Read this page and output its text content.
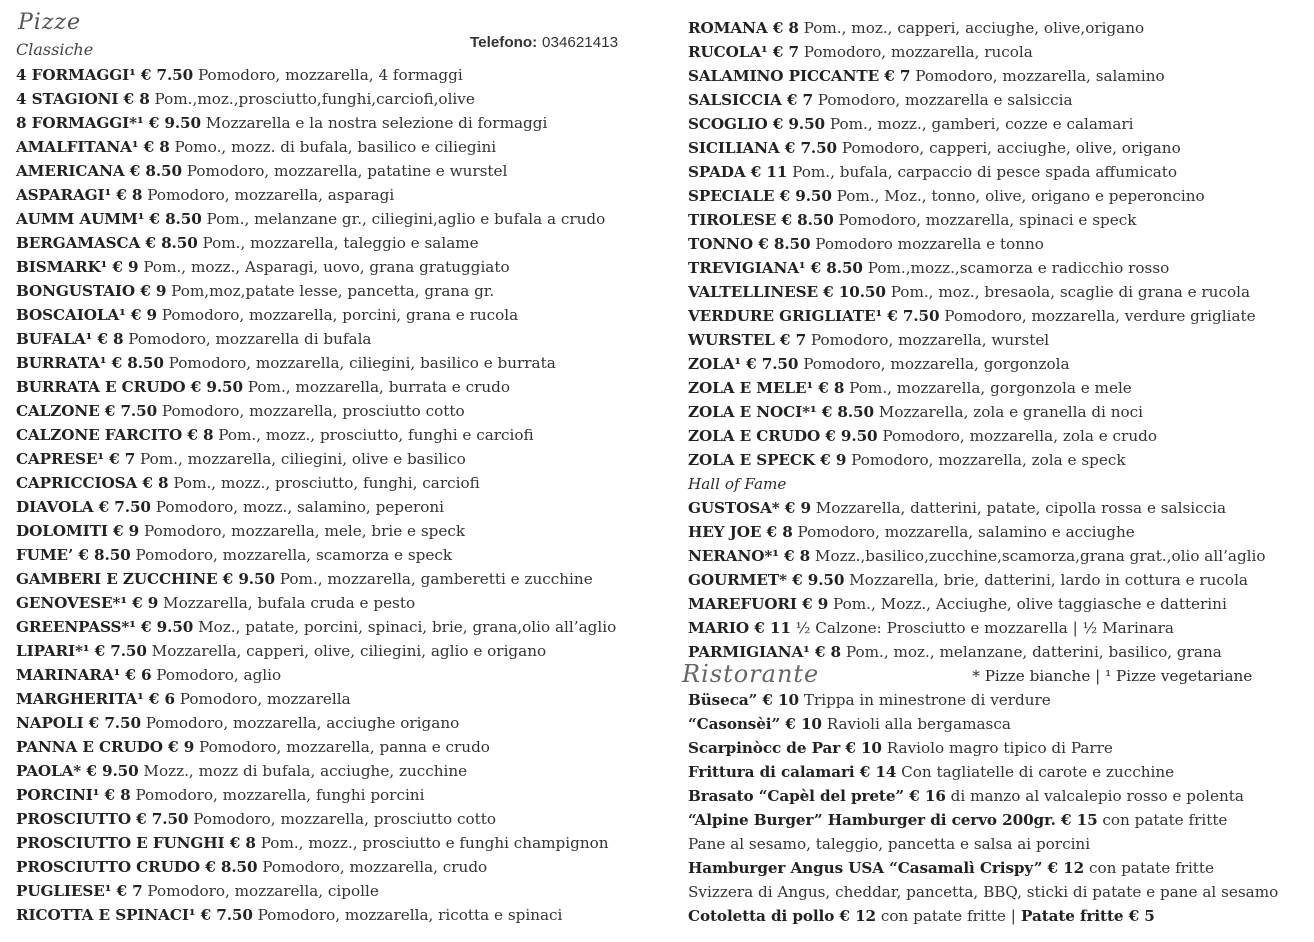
Pizze
Classiche	Telefono: 034621413
4 FORMAGGI¹ € 7.50 Pomodoro, mozzarella, 4 formaggi
4 STAGIONI € 8 Pom.,moz.,prosciutto,funghi,carciofi,olive
8 FORMAGGI*¹ € 9.50 Mozzarella e la nostra selezione di formaggi
AMALFITANA¹ € 8 Pomo., mozz. di bufala, basilico e ciliegini
AMERICANA € 8.50 Pomodoro, mozzarella, patatine e wurstel
ASPARAGI¹ € 8 Pomodoro, mozzarella, asparagi
AUMM AUMM¹ € 8.50 Pom., melanzane gr., ciliegini,aglio e bufala a crudo
BERGAMASCA € 8.50 Pom., mozzarella, taleggio e salame
BISMARK¹ € 9 Pom., mozz., Asparagi, uovo, grana gratuggiato
BONGUSTAIO € 9 Pom,moz,patate lesse, pancetta, grana gr.
BOSCAIOLA¹ € 9 Pomodoro, mozzarella, porcini, grana e rucola
BUFALA¹ € 8 Pomodoro, mozzarella di bufala
BURRATA¹ € 8.50 Pomodoro, mozzarella, ciliegini, basilico e burrata
BURRATA E CRUDO € 9.50 Pom., mozzarella, burrata e crudo
CALZONE € 7.50 Pomodoro, mozzarella, prosciutto cotto
CALZONE FARCITO € 8 Pom., mozz., prosciutto, funghi e carciofi
CAPRESE¹ € 7 Pom., mozzarella, ciliegini, olive e basilico
CAPRICCIOSA € 8 Pom., mozz., prosciutto, funghi, carciofi
DIAVOLA € 7.50 Pomodoro, mozz., salamino, peperoni
DOLOMITI € 9 Pomodoro, mozzarella, mele, brie e speck
FUME’ € 8.50 Pomodoro, mozzarella, scamorza e speck
GAMBERI E ZUCCHINE € 9.50 Pom., mozzarella, gamberetti e zucchine
GENOVESE*¹ € 9 Mozzarella, bufala cruda e pesto
GREENPASS*¹ € 9.50 Moz., patate, porcini, spinaci, brie, grana,olio all’aglio
LIPARI*¹ € 7.50 Mozzarella, capperi, olive, ciliegini, aglio e origano
MARINARA¹ € 6 Pomodoro, aglio
MARGHERITA¹ € 6 Pomodoro, mozzarella
NAPOLI € 7.50 Pomodoro, mozzarella, acciughe origano
PANNA E CRUDO € 9 Pomodoro, mozzarella, panna e crudo
PAOLA* € 9.50 Mozz., mozz di bufala, acciughe, zucchine
PORCINI¹ € 8 Pomodoro, mozzarella, funghi porcini
PROSCIUTTO € 7.50 Pomodoro, mozzarella, prosciutto cotto
PROSCIUTTO E FUNGHI € 8 Pom., mozz., prosciutto e funghi champignon
PROSCIUTTO CRUDO € 8.50 Pomodoro, mozzarella, crudo
PUGLIESE¹ € 7 Pomodoro, mozzarella, cipolle
RICOTTA E SPINACI¹ € 7.50 Pomodoro, mozzarella, ricotta e spinaci
ROMANA € 8 Pom., moz., capperi, acciughe, olive,origano
RUCOLA¹ € 7 Pomodoro, mozzarella, rucola
SALAMINO PICCANTE € 7 Pomodoro, mozzarella, salamino
SALSICCIA € 7 Pomodoro, mozzarella e salsiccia
SCOGLIO € 9.50 Pom., mozz., gamberi, cozze e calamari
SICILIANA € 7.50 Pomodoro, capperi, acciughe, olive, origano
SPADA € 11 Pom., bufala, carpaccio di pesce spada affumicato
SPECIALE € 9.50 Pom., Moz., tonno, olive, origano e peperoncino
TIROLESE € 8.50 Pomodoro, mozzarella, spinaci e speck
TONNO € 8.50 Pomodoro mozzarella e tonno
TREVIGIANA¹ € 8.50 Pom.,mozz.,scamorza e radicchio rosso
VALTELLINESE € 10.50 Pom., moz., bresaola, scaglie di grana e rucola
VERDURE GRIGLIATE¹ € 7.50 Pomodoro, mozzarella, verdure grigliate
WURSTEL € 7 Pomodoro, mozzarella, wurstel
ZOLA¹ € 7.50 Pomodoro, mozzarella, gorgonzola
ZOLA E MELE¹ € 8 Pom., mozzarella, gorgonzola e mele
ZOLA E NOCI*¹ € 8.50 Mozzarella, zola e granella di noci
ZOLA E CRUDO € 9.50 Pomodoro, mozzarella, zola e crudo
ZOLA E SPECK € 9 Pomodoro, mozzarella, zola e speck
Hall of Fame
GUSTOSA* € 9 Mozzarella, datterini, patate, cipolla rossa e salsiccia
HEY JOE € 8 Pomodoro, mozzarella, salamino e acciughe
NERANO*¹ € 8 Mozz.,basilico,zucchine,scamorza,grana grat.,olio all’aglio
GOURMET* € 9.50 Mozzarella, brie, datterini, lardo in cottura e rucola
MAREFUORI € 9 Pom., Mozz., Acciughe, olive taggiasche e datterini
MARIO € 11 ½ Calzone: Prosciutto e mozzarella | ½ Marinara
PARMIGIANA¹ € 8 Pom., moz., melanzane, datterini, basilico, grana
Ristorante	* Pizze bianche | ¹ Pizze vegetariane
Büseca” € 10 Trippa in minestrone di verdure
“Casonsèi” € 10 Ravioli alla bergamasca
Scarpinòcc de Par € 10 Raviolo magro tipico di Parre
Frittura di calamari € 14 Con tagliatelle di carote e zucchine
Brasato “Capèl del prete” € 16 di manzo al valcalepio rosso e polenta
“Alpine Burger” Hamburger di cervo 200gr. € 15 con patate fritte
Pane al sesamo, taleggio, pancetta e salsa ai porcini
Hamburger Angus USA “Casamalì Crispy” € 12 con patate fritte
Svizzera di Angus, cheddar, pancetta, BBQ, sticki di patate e pane al sesamo
Cotoletta di pollo € 12 con patate fritte | Patate fritte € 5
